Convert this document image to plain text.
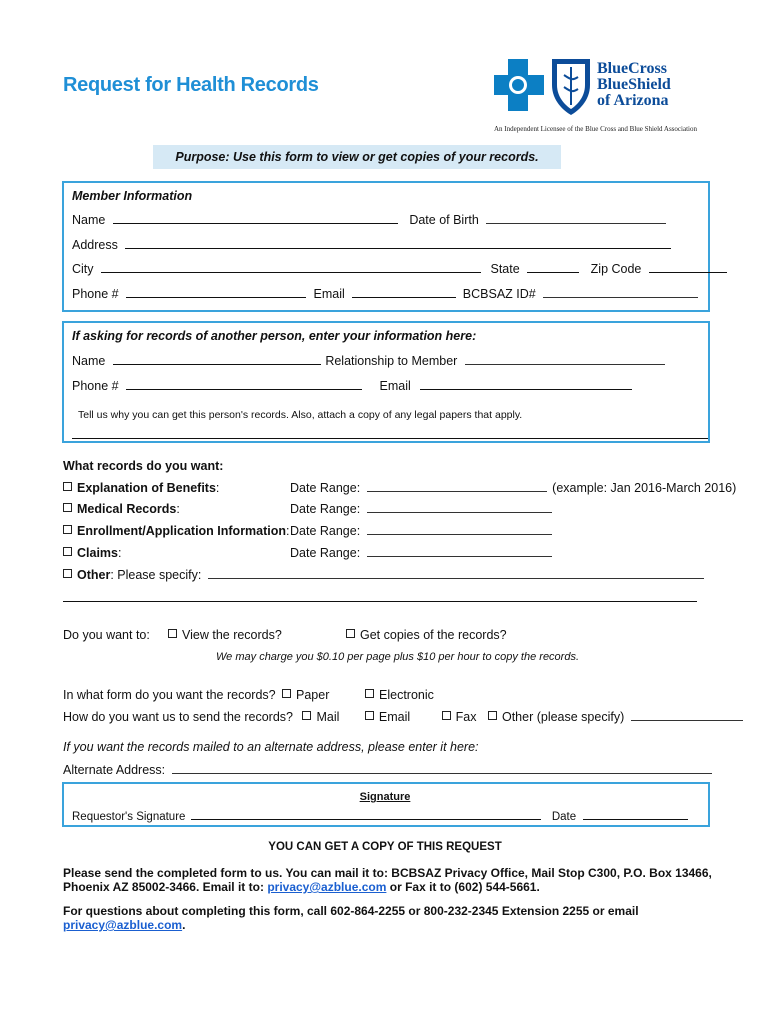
Request for Health Records
BlueCross
BlueShield
of Arizona
An Independent Licensee of the Blue Cross and Blue Shield Association
Purpose: Use this form to view or get copies of your records.
Member Information
Name	Date of Birth
Address
City	State	Zip Code
Phone #	Email	BCBSAZ ID#
If asking for records of another person, enter your information here:
Name	Relationship to Member
Phone #	Email
Tell us why you can get this person's records. Also, attach a copy of any legal papers that apply.
What records do you want:
Explanation of Benefits:	Date Range:	(example: Jan 2016-March 2016)
Medical Records:	Date Range:
Enrollment/Application Information: Date Range:
Claims:	Date Range:
Other: Please specify:
Do you want to:	View the records?	Get copies of the records?
We may charge you $0.10 per page plus $10 per hour to copy the records.
In what form do you want the records?	Paper	Electronic
How do you want us to send the records? Mail	Email	Fax Other (please specify)
If you want the records mailed to an alternate address, please enter it here:
Alternate Address:
Signature
Requestor's Signature	Date
YOU CAN GET A COPY OF THIS REQUEST
Please send the completed form to us. You can mail it to: BCBSAZ Privacy Office, Mail Stop C300, P.O. Box 13466,
Phoenix AZ 85002-3466. Email it to: privacy@azblue.com or Fax it to (602) 544-5661.
For questions about completing this form, call 602-864-2255 or 800-232-2345 Extension 2255 or email
privacy@azblue.com.
